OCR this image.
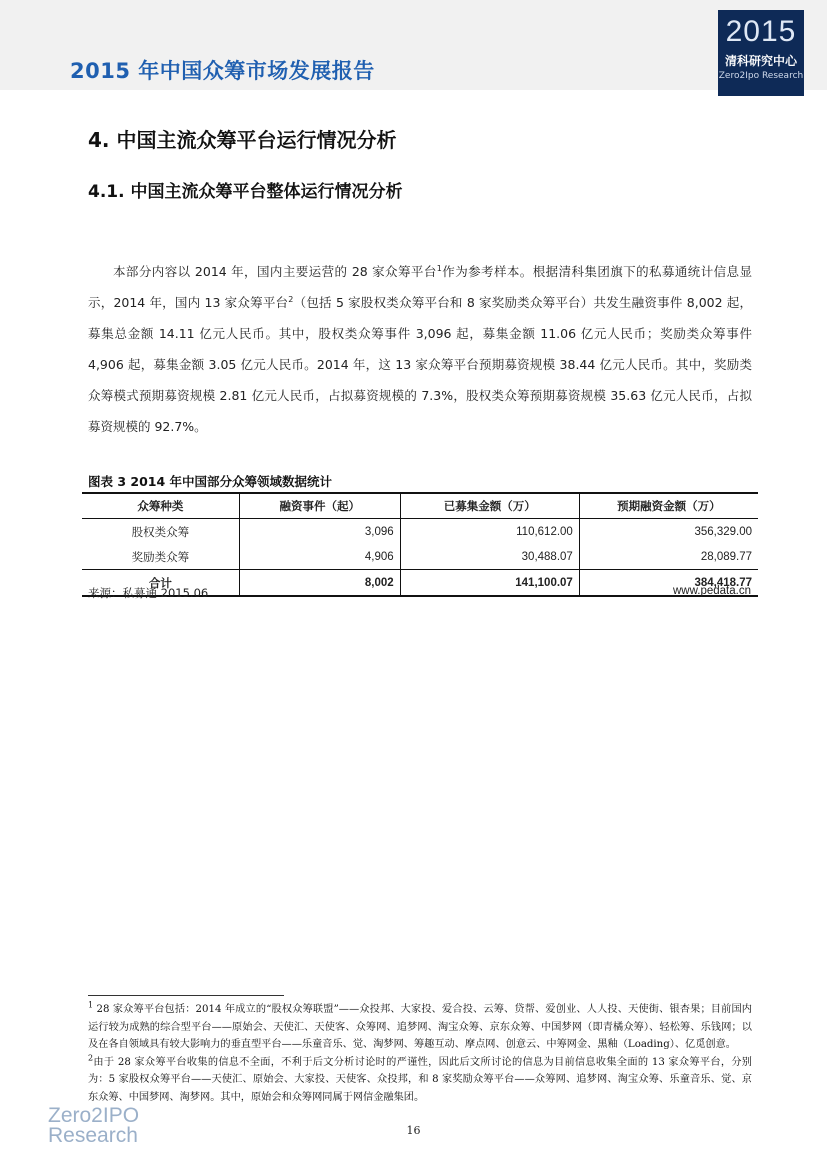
2015 年中国众筹市场发展报告
2015
清科研究中心
Zero2Ipo Research
4. 中国主流众筹平台运行情况分析
4.1. 中国主流众筹平台整体运行情况分析

本部分内容以 2014 年，国内主要运营的 28 家众筹平台$^1$作为参考样本。根据清科集团旗下的私募通统计信息显示，2014 年，国内 13 家众筹平台$^2$（包括 5 家股权类众筹平台和 8 家奖励类众筹平台）共发生融资事件 8,002 起，募集总金额 14.11 亿元人民币。其中，股权类众筹事件 3,096 起，募集金额 11.06 亿元人民币；奖励类众筹事件 4,906 起，募集金额 3.05 亿元人民币。2014 年，这 13 家众筹平台预期募资规模 38.44 亿元人民币。其中，奖励类众筹模式预期募资规模 2.81 亿元人民币，占拟募资规模的 7.3%，股权类众筹预期募资规模 35.63 亿元人民币，占拟募资规模的 92.7%。

图表 3 2014 年中国部分众筹领域数据统计
众筹种类	融资事件（起）	已募集金额（万）	预期融资金额（万）
股权类众筹	3,096	110,612.00	356,329.00
奖励类众筹	4,906	30,488.07	28,089.77
合计	8,002	141,100.07	384,418.77
来源：私募通 2015.06	www.pedata.cn

$^1$ 28 家众筹平台包括：2014 年成立的“股权众筹联盟”——众投邦、大家投、爱合投、云筹、贷帮、爱创业、人人投、天使街、银杏果；目前国内运行较为成熟的综合型平台——原始会、天使汇、天使客、众筹网、追梦网、淘宝众筹、京东众筹、中国梦网（即青橘众筹）、轻松筹、乐钱网；以及在各自领域具有较大影响力的垂直型平台——乐童音乐、觉、淘梦网、筹趣互动、摩点网、创意云、中筹网金、黑釉（Loading）、亿觅创意。

$^2$由于 28 家众筹平台收集的信息不全面，不利于后文分析讨论时的严谨性，因此后文所讨论的信息为目前信息收集全面的 13 家众筹平台，分别为：5 家股权众筹平台——天使汇、原始会、大家投、天使客、众投邦，和 8 家奖励众筹平台——众筹网、追梦网、淘宝众筹、乐童音乐、觉、京东众筹、中国梦网、淘梦网。其中，原始会和众筹网同属于网信金融集团。

Zero2IPO
Research	16
